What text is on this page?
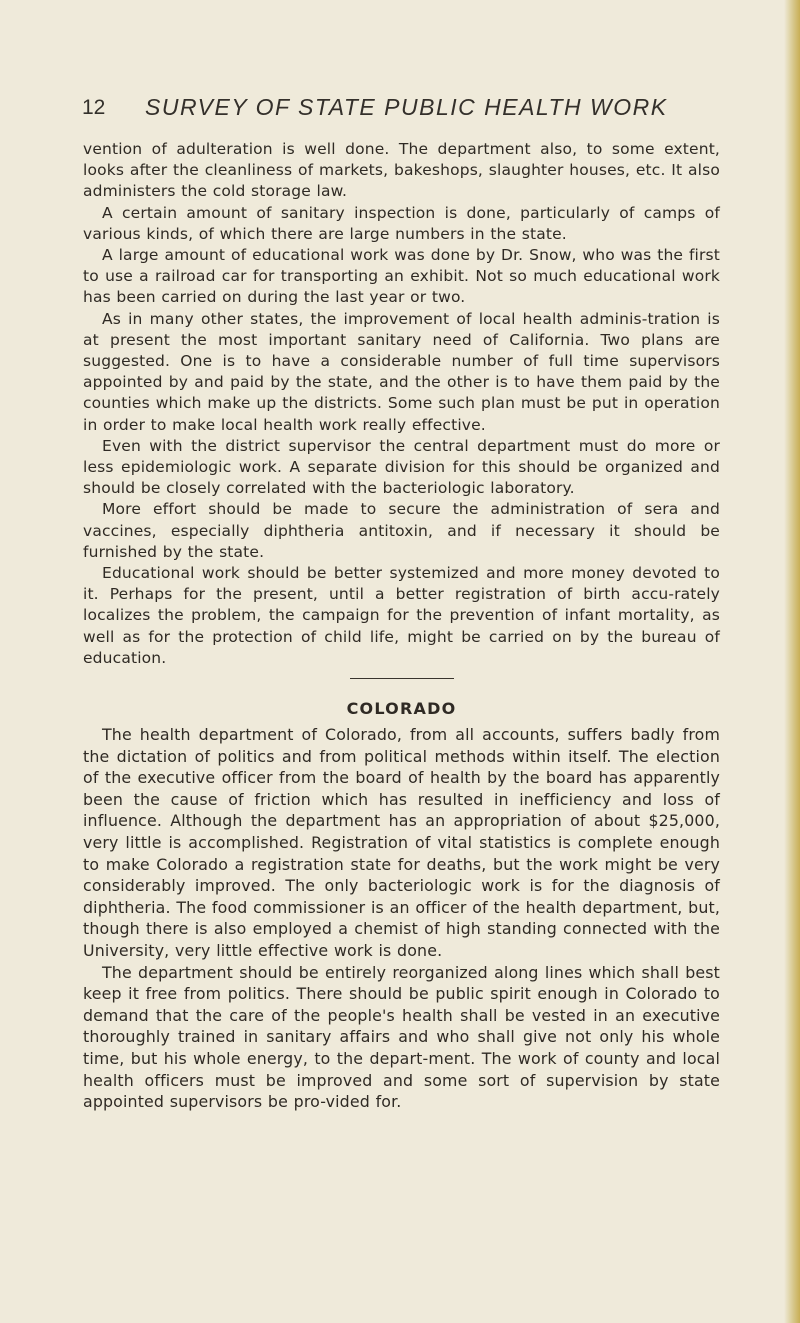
12 SURVEY OF STATE PUBLIC HEALTH WORK

vention of adulteration is well done. The department also, to some extent, looks after the cleanliness of markets, bakeshops, slaughter houses, etc. It also administers the cold storage law.

A certain amount of sanitary inspection is done, particularly of camps of various kinds, of which there are large numbers in the state.

A large amount of educational work was done by Dr. Snow, who was the first to use a railroad car for transporting an exhibit. Not so much educational work has been carried on during the last year or two.

As in many other states, the improvement of local health adminis-tration is at present the most important sanitary need of California. Two plans are suggested. One is to have a considerable number of full time supervisors appointed by and paid by the state, and the other is to have them paid by the counties which make up the districts. Some such plan must be put in operation in order to make local health work really effective.

Even with the district supervisor the central department must do more or less epidemiologic work. A separate division for this should be organized and should be closely correlated with the bacteriologic laboratory.

More effort should be made to secure the administration of sera and vaccines, especially diphtheria antitoxin, and if necessary it should be furnished by the state.

Educational work should be better systemized and more money devoted to it. Perhaps for the present, until a better registration of birth accu-rately localizes the problem, the campaign for the prevention of infant mortality, as well as for the protection of child life, might be carried on by the bureau of education.

COLORADO

The health department of Colorado, from all accounts, suffers badly from the dictation of politics and from political methods within itself. The election of the executive officer from the board of health by the board has apparently been the cause of friction which has resulted in inefficiency and loss of influence. Although the department has an appropriation of about $25,000, very little is accomplished. Registration of vital statistics is complete enough to make Colorado a registration state for deaths, but the work might be very considerably improved. The only bacteriologic work is for the diagnosis of diphtheria. The food commissioner is an officer of the health department, but, though there is also employed a chemist of high standing connected with the University, very little effective work is done.

The department should be entirely reorganized along lines which shall best keep it free from politics. There should be public spirit enough in Colorado to demand that the care of the people's health shall be vested in an executive thoroughly trained in sanitary affairs and who shall give not only his whole time, but his whole energy, to the depart-ment. The work of county and local health officers must be improved and some sort of supervision by state appointed supervisors be pro-vided for.
